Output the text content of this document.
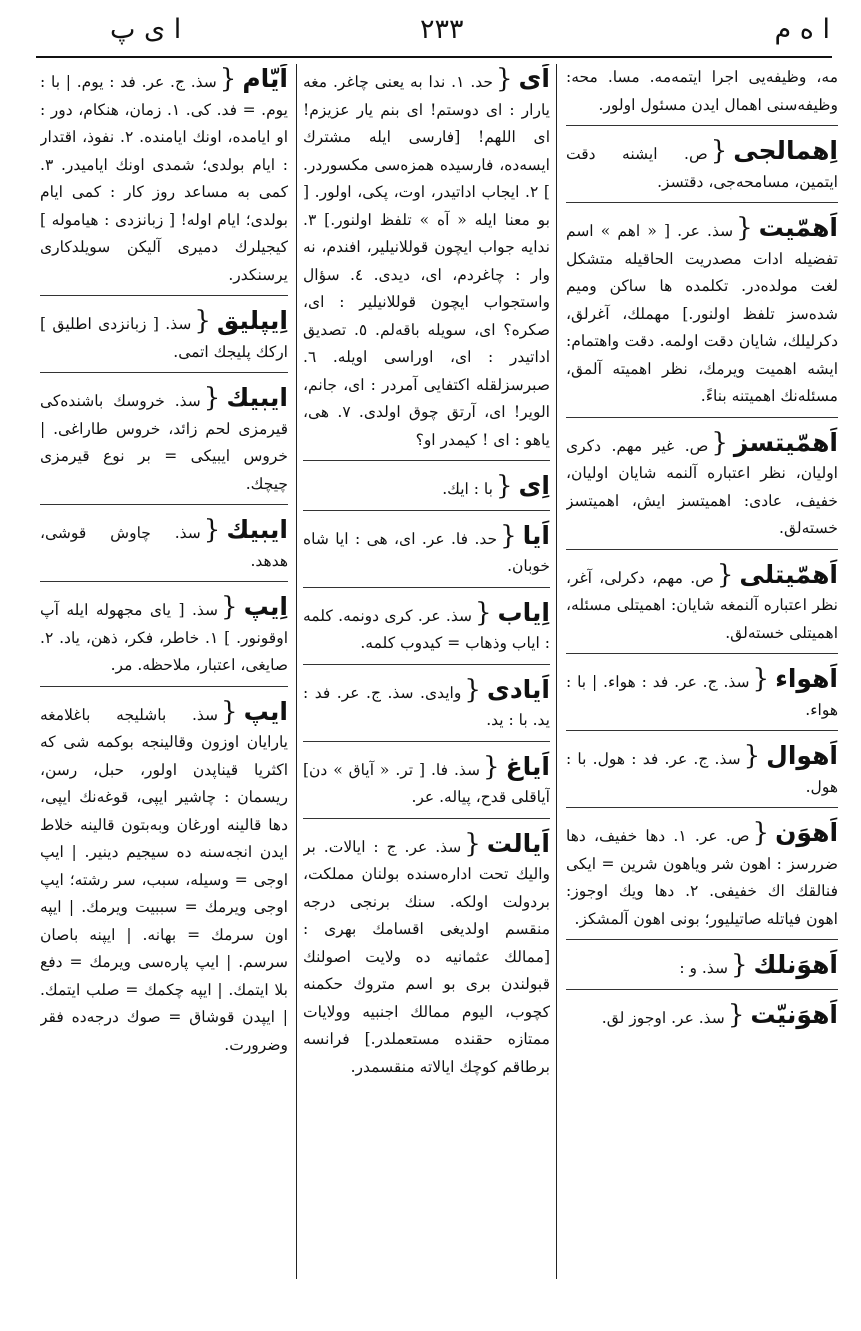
ا ى پ	۲۳۳	ا ه م
مه، وظيفه‌يى اجرا ايتمه‌مه. مسا. محه: وظيفه‌سنى اهمال ايدن مسئول اولور.
اِهمالجى{ص. ايشنه دقت ايتمين، مسامحه‌جى، دقتسز.
اَهمّيت{سذ. عر. [ « اهم » اسم تفضيله ادات مصدريت الحاقيله متشكل لغت مولده‌در. تكلمده ها ساكن وميم شده‌سز تلفظ اولنور.] مهملك، آغرلق، دكرليلك، شايان دقت اولمه. دقت واهتمام: ايشه اهميت ويرمك، نظر اهميته آلمق، مسئله‌نك اهميتنه بناءً.
اَهمّيتسز{ص. غير مهم. دكرى اوليان، نظر اعتباره آلنمه شايان اوليان، خفيف، عادى: اهميتسز ايش، اهميتسز خسته‌لق.
اَهمّيتلى{ص. مهم، دكرلى، آغر، نظر اعتباره آلنمغه شايان: اهميتلى مسئله، اهميتلى خسته‌لق.
اَهواء{سذ. ج. عر. فد : هواء. | با : هواء.
اَهوال{سذ. ج. عر. فد : هول. با : هول.
اَهوَن{ص. عر. ۱. دها خفيف، دها ضررسز : اهون شر وياهون شرين = ايكى فنالقك اك خفيفى. ۲. دها ويك اوجوز: اهون فياتله صاتيليور؛ بونى اهون آلمشكز.
اَهوَنلك{سذ. و :
اَهوَنيّت{سذ. عر. اوجوز لق.
اَى{حد. ۱. ندا به يعنى چاغر. مغه يارار : اى دوستم! اى بنم يار عزيزم! اى اللهم! [فارسى ايله مشترك ايسه‌ده، فارسيده همزه‌سى مكسوردر. ] ۲. ايجاب اداتيدر، اوت، پكى، اولور. [ بو معنا ايله « آه » تلفظ اولنور.] ۳. ندايه جواب ايچون قوللانيلير، افندم، نه وار : چاغردم، اى، ديدى. ٤. سؤال واستجواب ايچون قوللانيلير : اى، صكره؟ اى، سويله باقه‌لم. ٥. تصديق اداتيدر : اى، اوراسى اويله. ٦. صبرسزلقله اكتفايى آمردر : اى، جانم، الوير! اى، آرتق چوق اولدى. ۷. هى، ياهو : اى ! كيمدر او؟
اِى{با : ايك.
اَيا{حد. فا. عر. اى، هى : ايا شاه خوبان.
اِياب{سذ. عر. كرى دونمه. كلمه : اياب وذهاب = كيدوب كلمه.
اَيادى{وايدى. سذ. ج. عر. فد : يد. با : يد.
اَياغ{سذ. فا. [ تر. « آياق » دن] آياقلى قدح، پياله. عر.
اَيالت{سذ. عر. ج : ايالات. بر واليك تحت ادارەسنده بولنان مملكت، بردولت اولكه. سنك برنجى درجه منقسم اولديغى اقسامك بهرى : [ممالك عثمانيه ده ولايت اصولنك قبولندن برى بو اسم متروك حكمنه كچوب، اليوم ممالك اجنبيه وولايات ممتازه حقنده مستعملدر.] فرانسه برطاقم كوچك ايالاته منقسمدر.
اَيّام{سذ. ج. عر. فد : يوم. | با : يوم. = فد. كى. ۱. زمان، هنكام، دور : او ايامده، اونك ايامنده. ۲. نفوذ، اقتدار : ايام بولدى؛ شمدى اونك ايامیدر. ۳. كمى به مساعد روز كار : كمى ايام بولدى؛ ايام اوله! [ زبانزدى : هيامولە ] كيجيلرك دميرى آليكن سويلدكارى يرسنكدر.
اِيپليق{سذ. [ زبانزدى اطليق ] اركك پليجك اتمى.
ايبيك{سذ. خروسك باشنده‌كى قيرمزى لحم زائد، خروس طاراغى. | خروس ايبيكى = بر نوع قيرمزى چيچك.
ايبيك{سذ. چاوش قوشى، هدهد.
اِيپ{سذ. [ ياى مجهوله ايله آپ اوقونور. ] ۱. خاطر، فكر، ذهن، ياد. ۲. صايغى، اعتبار، ملاحظه. مر.
ايپ{سذ. باشليجه باغلامغه يارايان اوزون وقالينجه بوكمه شى كه اكثريا قيناپدن اولور، حبل، رسن، ريسمان : چاشير ايپى، قوغه‌نك ايپى، دها قالينه اورغان وبه‌بتون قالينه خلاط ايدن انجه‌سنه ده سيجيم دينير. | ايپ اوجى = وسيله، سبب، سر رشته؛ ايپ اوجى ويرمك = سببيت ويرمك. | ايپه اون سرمك = بهانه. | ايپنه باصان سرسم. | ايپ پاره‌سى ويرمك = دفع بلا ايتمك. | ايپه چكمك = صلب ايتمك. | ايپدن قوشاق = صوك درجه‌ده فقر وضرورت.
